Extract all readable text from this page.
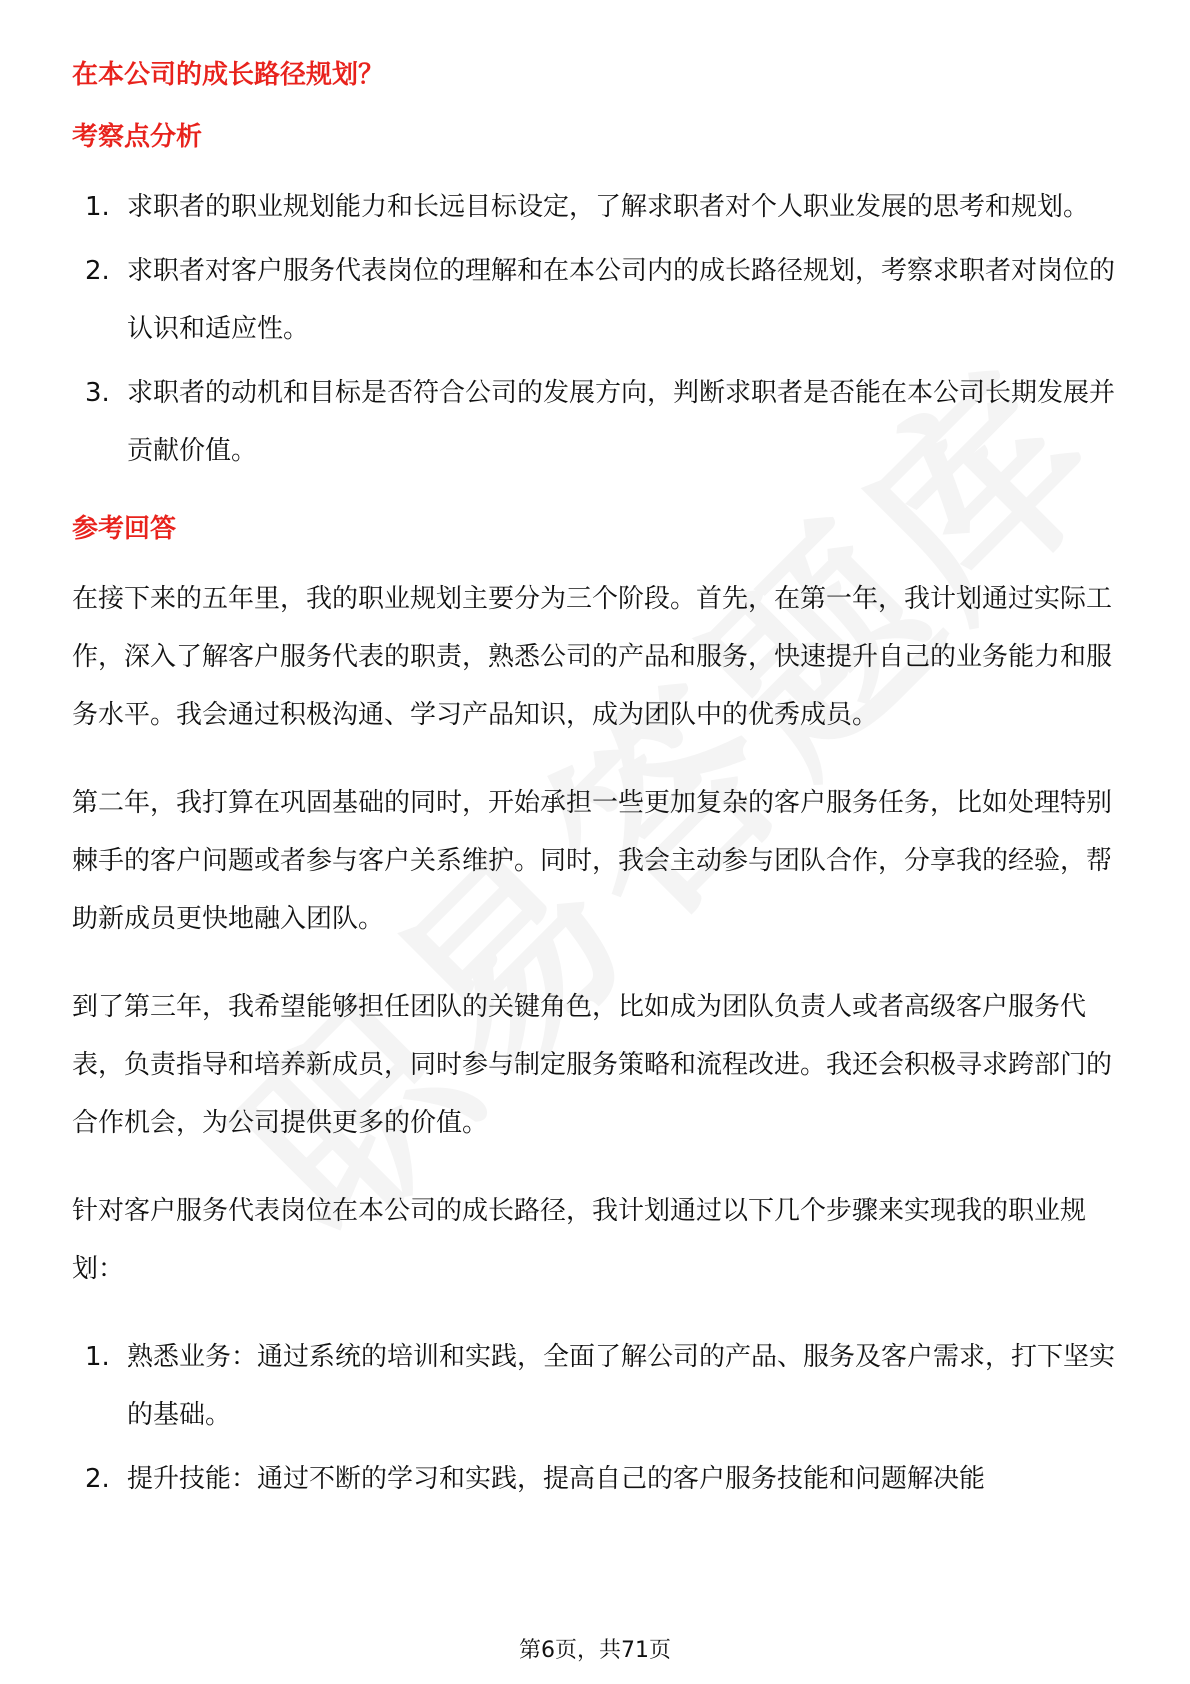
在本公司的成长路径规划？
考察点分析
1. 求职者的职业规划能力和长远目标设定，了解求职者对个人职业发展的思考和规划。
2. 求职者对客户服务代表岗位的理解和在本公司内的成长路径规划，考察求职者对岗位的认识和适应性。
3. 求职者的动机和目标是否符合公司的发展方向，判断求职者是否能在本公司长期发展并贡献价值。
参考回答

在接下来的五年里，我的职业规划主要分为三个阶段。首先，在第一年，我计划通过实际工作，深入了解客户服务代表的职责，熟悉公司的产品和服务，快速提升自己的业务能力和服务水平。我会通过积极沟通、学习产品知识，成为团队中的优秀成员。

第二年，我打算在巩固基础的同时，开始承担一些更加复杂的客户服务任务，比如处理特别棘手的客户问题或者参与客户关系维护。同时，我会主动参与团队合作，分享我的经验，帮助新成员更快地融入团队。

到了第三年，我希望能够担任团队的关键角色，比如成为团队负责人或者高级客户服务代表，负责指导和培养新成员，同时参与制定服务策略和流程改进。我还会积极寻求跨部门的合作机会，为公司提供更多的价值。

针对客户服务代表岗位在本公司的成长路径，我计划通过以下几个步骤来实现我的职业规划：

1. 熟悉业务：通过系统的培训和实践，全面了解公司的产品、服务及客户需求，打下坚实的基础。
2. 提升技能：通过不断的学习和实践，提高自己的客户服务技能和问题解决能
第6页，共71页
